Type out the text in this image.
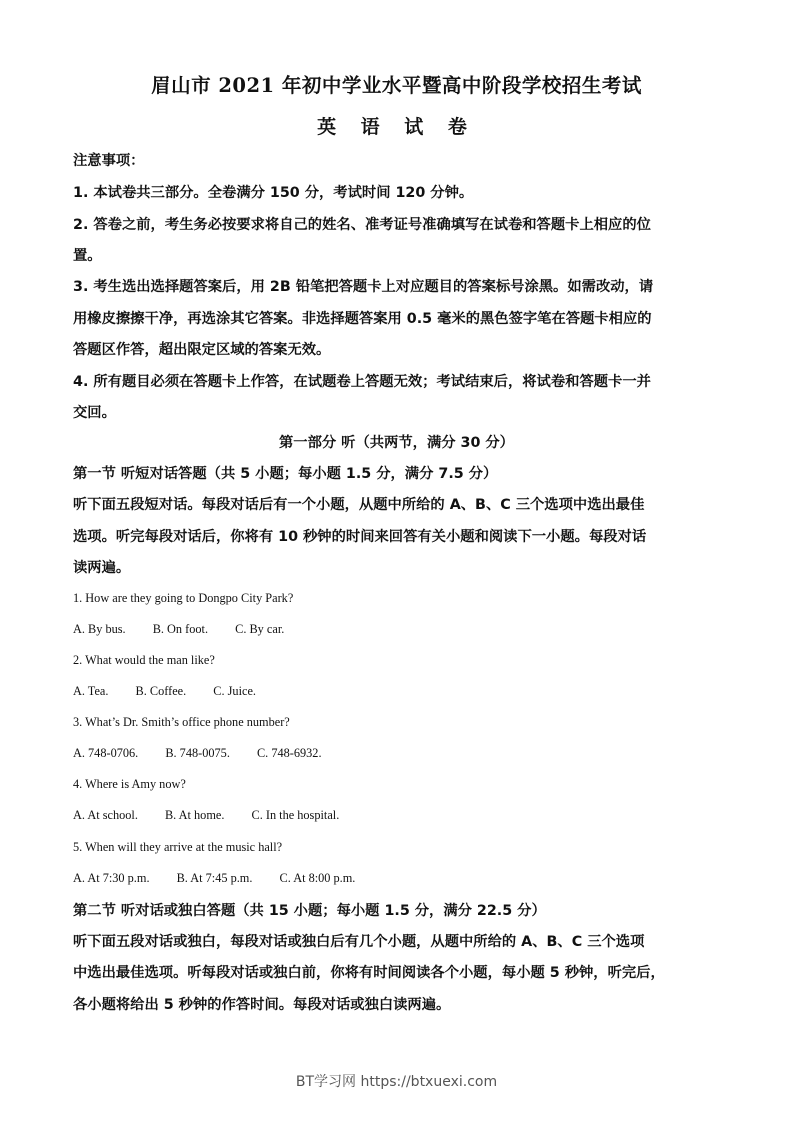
眉山市 2021 年初中学业水平暨高中阶段学校招生考试
英 语 试 卷
注意事项：
1. 本试卷共三部分。全卷满分 150 分，考试时间 120 分钟。
2. 答卷之前，考生务必按要求将自己的姓名、准考证号准确填写在试卷和答题卡上相应的位
置。
3. 考生选出选择题答案后，用 2B 铅笔把答题卡上对应题目的答案标号涂黑。如需改动，请
用橡皮擦擦干净，再选涂其它答案。非选择题答案用 0.5 毫米的黑色签字笔在答题卡相应的
答题区作答，超出限定区域的答案无效。
4. 所有题目必须在答题卡上作答，在试题卷上答题无效；考试结束后，将试卷和答题卡一并
交回。
第一部分 听（共两节，满分 30 分）
第一节 听短对话答题（共 5 小题；每小题 1.5 分，满分 7.5 分）
听下面五段短对话。每段对话后有一个小题，从题中所给的 A、B、C 三个选项中选出最佳
选项。听完每段对话后，你将有 10 秒钟的时间来回答有关小题和阅读下一小题。每段对话
读两遍。
1. How are they going to Dongpo City Park?
A. By bus. B. On foot. C. By car.
2. What would the man like?
A. Tea. B. Coffee. C. Juice.
3. What’s Dr. Smith’s office phone number?
A. 748-0706. B. 748-0075. C. 748-6932.
4. Where is Amy now?
A. At school. B. At home. C. In the hospital.
5. When will they arrive at the music hall?
A. At 7:30 p.m. B. At 7:45 p.m. C. At 8:00 p.m.
第二节 听对话或独白答题（共 15 小题；每小题 1.5 分，满分 22.5 分）
听下面五段对话或独白，每段对话或独白后有几个小题，从题中所给的 A、B、C 三个选项
中选出最佳选项。听每段对话或独白前，你将有时间阅读各个小题，每小题 5 秒钟，听完后，
各小题将给出 5 秒钟的作答时间。每段对话或独白读两遍。
BT学习网 https://btxuexi.com
